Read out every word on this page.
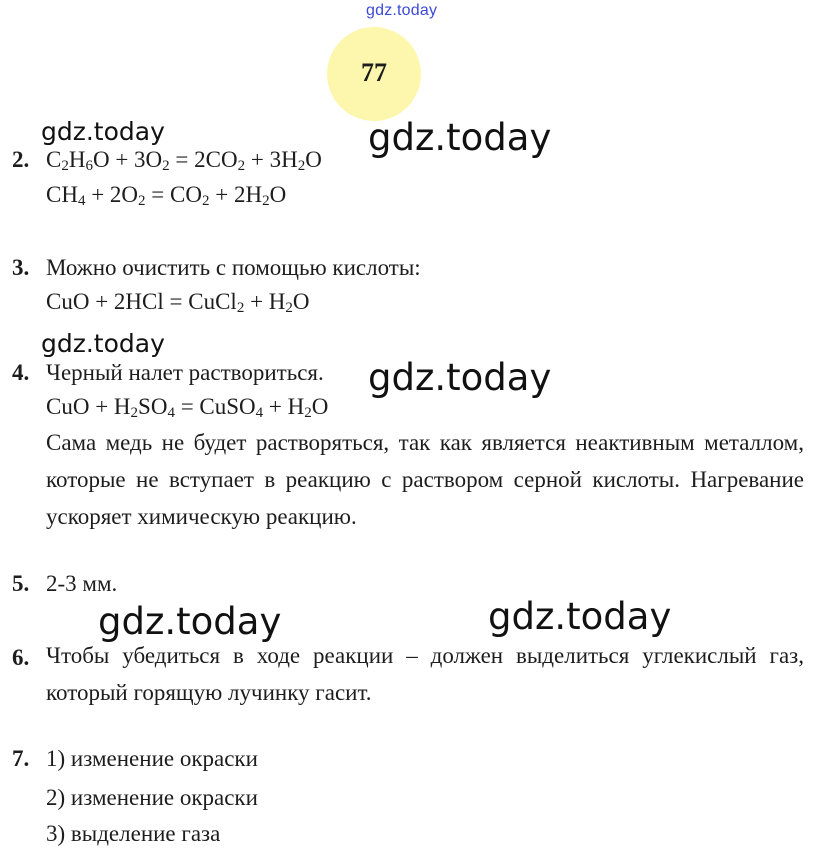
gdz.today
77
gdz.today	gdz.today
gdz.today
gdz.today
gdz.today	gdz.today
2. $C_2H_6O + 3O_2 = 2CO_2 + 3H_2O$
$CH_4 + 2O_2 = CO_2 + 2H_2O$
3. Можно очистить с помощью кислоты:
CuO + 2HCl = CuCl$_2$ + $H_2O$
4. Черный налет раствориться.
CuO + $H_2SO_4$ = CuSO$_4$ + $H_2O$
Сама медь не будет растворяться, так как является неактивным металлом, которые не вступает в реакцию с раствором серной кислоты. Нагревание ускоряет химическую реакцию.
5. 2-3 мм.
6. Чтобы убедиться в ходе реакции – должен выделиться углекислый газ, который горящую лучинку гасит.
7. 1) изменение окраски
2) изменение окраски
3) выделение газа
